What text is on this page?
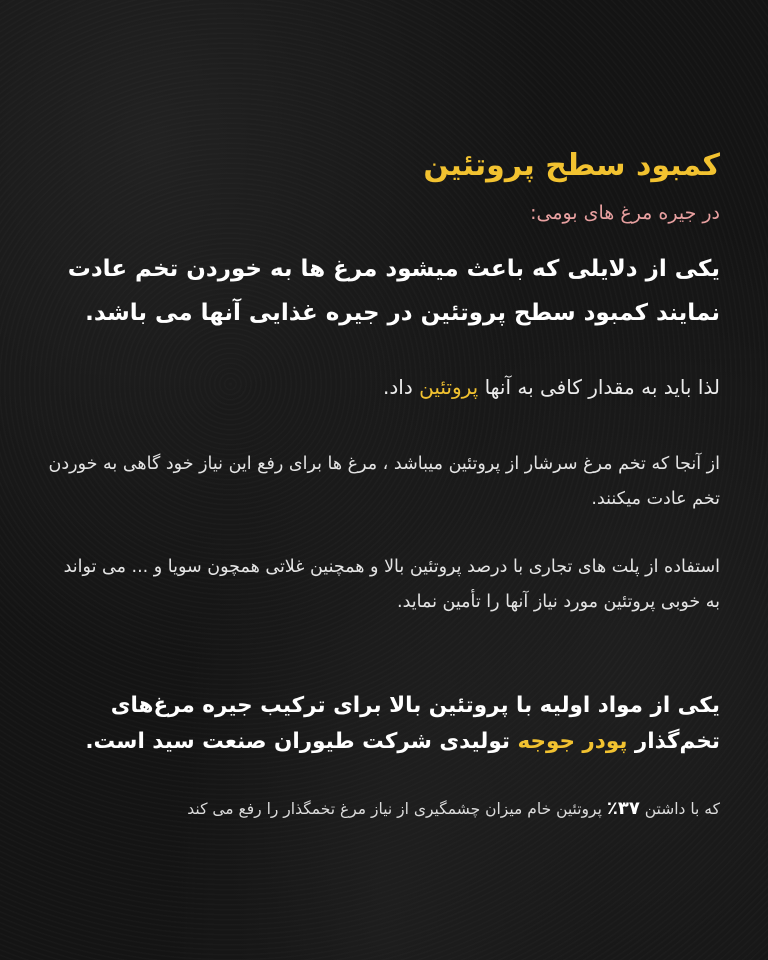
کمبود سطح پروتئین
در جیره مرغ های بومی:

یکی از دلایلی که باعث میشود مرغ ها به خوردن تخم عادت نمایند کمبود سطح پروتئین در جیره غذایی آنها می باشد.

لذا باید به مقدار کافی به آنها پروتئین داد.

از آنجا که تخم مرغ سرشار از پروتئین میباشد ، مرغ ها برای رفع این نیاز خود گاهی به خوردن تخم عادت میکنند.

استفاده از پلت های تجاری با درصد پروتئین بالا و همچنین غلاتی همچون سویا و ... می تواند به خوبی پروتئین مورد نیاز آنها را تأمین نماید.

یکی از مواد اولیه با پروتئین بالا برای ترکیب جیره مرغ‌های تخم‌گذار پودر جوجه تولیدی شرکت طیوران صنعت سید است.

که با داشتن ۳۷٪ پروتئین خام میزان چشمگیری از نیاز مرغ تخمگذار را رفع می کند
